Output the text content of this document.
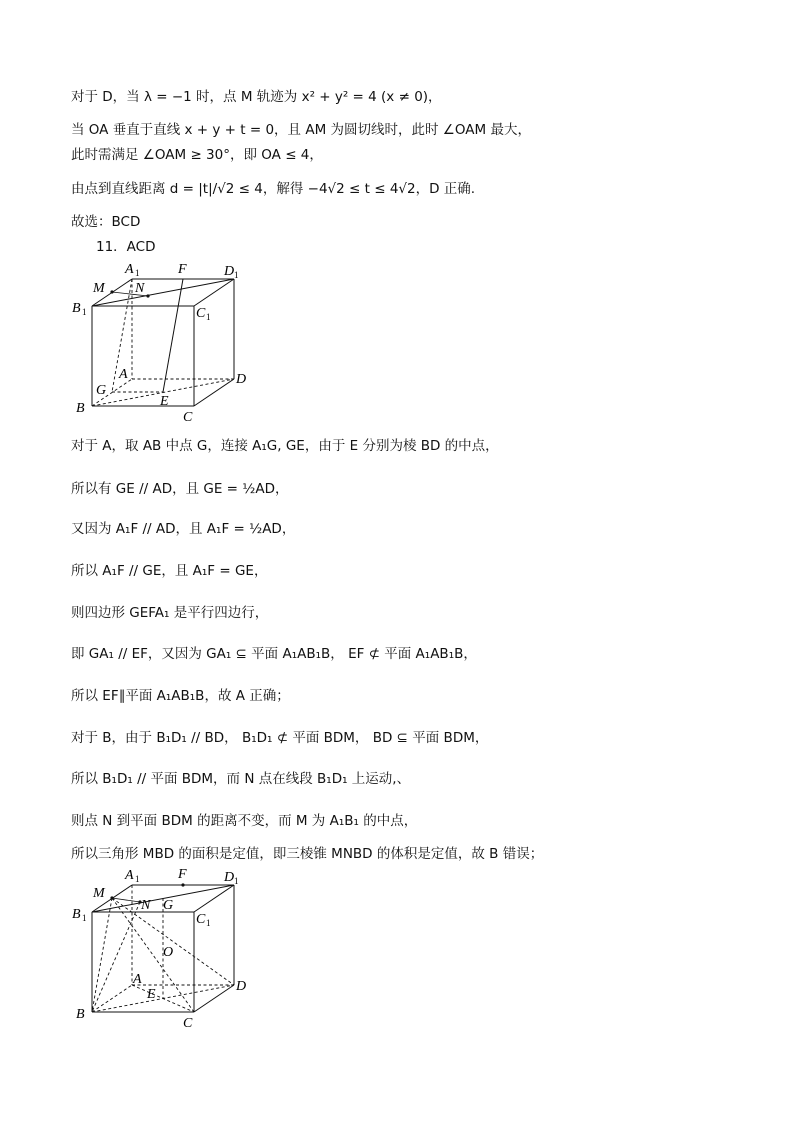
对于 D，当 λ = −1 时，点 M 轨迹为 x² + y² = 4 (x ≠ 0)，
当 OA 垂直于直线 x + y + t = 0，且 AM 为圆切线时，此时 ∠OAM 最大，
此时需满足 ∠OAM ≥ 30°，即 OA ≤ 4，
由点到直线距离 d = |t|/√2 ≤ 4，解得 −4√2 ≤ t ≤ 4√2，D 正确.
故选：BCD
11．ACD
A 1	F	D 1
M N
B 1	C 1
A
G
D
B	E
C
对于 A，取 AB 中点 G，连接 A₁G, GE，由于 E 分别为棱 BD 的中点，
所以有 GE // AD，且 GE = ½AD，
又因为 A₁F // AD，且 A₁F = ½AD，
所以 A₁F // GE，且 A₁F = GE，
则四边形 GEFA₁ 是平行四边行，
即 GA₁ // EF，又因为 GA₁ ⊆ 平面 A₁AB₁B， EF ⊄ 平面 A₁AB₁B，
所以 EF∥平面 A₁AB₁B，故 A 正确；
对于 B，由于 B₁D₁ // BD， B₁D₁ ⊄ 平面 BDM， BD ⊆ 平面 BDM，
所以 B₁D₁ // 平面 BDM，而 N 点在线段 B₁D₁ 上运动,、
则点 N 到平面 BDM 的距离不变，而 M 为 A₁B₁ 的中点，
所以三角形 MBD 的面积是定值，即三棱锥 MNBD 的体积是定值，故 B 错误；
A 1	F	D 1
M
N G
B 1	C 1
O
A	D
E
B
C
